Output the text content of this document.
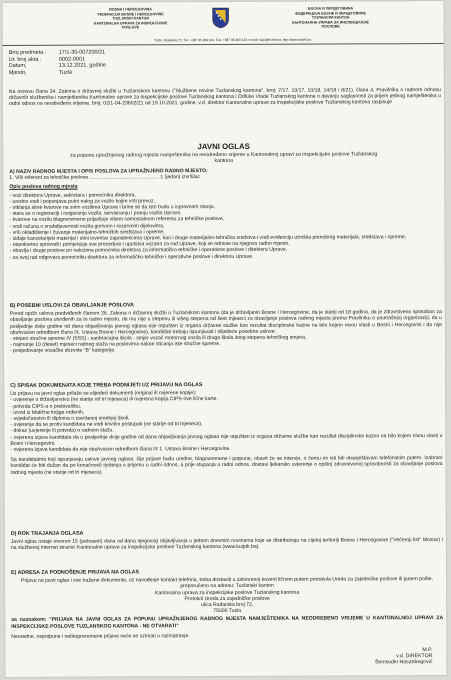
BOSNA I HERCEGOVINA
FEDERACIJA BOSNE I HERCEGOVINE
TUZLANSKI KANTON
KANTONALNA UPRAVA ZA INSPEKCIJSKE
POSLOVE
БОСНА И ХЕРЦЕГОВИНА
ФЕДЕРАЦИЈА БОСНЕ И ХЕРЦЕГОВИНЕ
ТУЗЛАНСКИ КАНТОН
КАНТОНАЛНА УПРАВА ЗА ИНСПЕКЦИЈСКЕ
ПОСЛОВЕ
Tuzla, Rudarska 72, Tel.: +387 35 369 611, Fax: +387 35 369 613, e-mail: kuip@tk.kim.ba, http://www.kuiptk.ba
Broj predmeta :	17/1-30-007200/21
Ur. broj akta :	0002-0001
Datum,	13.12.2021. godine
Mjesto,	Tuzla
Na osnovu člana 24. Zakona o državnoj službi u Tuzlanskom kantonu ("Službene novine Tuzlanskog kantona", broj: 7/17, 10/17, 10/18, 14/18 i 8/21), člana 4. Pravilnika o radnom odnosu državnih službenika i namještenika Kantonalne uprave za inspekcijske poslove Tuzlanskog kantona i Odluke Vlade Tuzlanskog kantona o davanju saglasnosti za prijem jednog namještenika u radni odnos na neodređeno vrijeme, broj: 02/1-04-23602/21 od 19.10.2021. godine, v.d. direktor Kantonalne uprave za inspekcijske poslove Tuzlanskog kantona raspisuje
JAVNI OGLAS
za popunu upražnjenog radnog mjesta namještenika na neodređeno vrijeme u Kantonalnoj upravi za inspekcijske poslove Tuzlanskog kantona
A) NAZIV RADNOG MJESTA I OPIS POSLOVA ZA UPRAŽNJENO RADNO MJESTO:
1. Viši referent za tehničke poslove ................................................. 1 (jedan) izvršilac
Opis poslova radnog mjesta
- vozi direktora Uprave, sekretara i pomoćnika direktora,
- uredno vodi i popunjava putni nalog za vozilo kojim vrši prevoz,
- otklanja sitne kvarove na svim vozilima Uprave i brine se da isto budu u ispravnom stanju,
- stara se o registraciji i osiguranju vozila, servisiranju i pranju vozila Uprave,
- kvarove na vozilu blagovremeno prijavljuje višem samostalnom referentu za tehničke poslove,
- vodi računa o snabdjevenosti vozila gorivom i rezervnim dijelovima,
- vrši okladištenje i čuvanje materijalno-tehničkih sredstava i opreme,
- izdaje kancelarijski materijal i sitni inventar zaposlenicima Uprave, kao i druge materijalno-tehnička sredstva i vodi evidenciju utroška potrošnog materijala, sredstava i opreme,
- nepokretno sprovodi i primjenjuje sve procedure i uputstva vezana za rad Uprave, koji se odnose na njegovo radno mjesto,
- obavlja i druge poslove po nalozima pomoćnika direktora za informatičko-tehničke i operativne poslove i direktora Uprave,
- za svoj rad odgovara pomoćniku direktora za informatičko-tehničke i operativne poslove i direktoru Uprave.
B) POSEBNI USLOVI ZA OBAVLJANJE POSLOVA
Pored općih uslova predviđenih članom 26. Zakona o državnoj službi u Tuzlanskom kantonu (da je državljanin Bosne i Hercegovine, da je stariji od 18 godina, da je zdravstveno sposoban za obavljanje poslova utvrđenih za to radno mjesto, da mu nije u stepenu ili višeg stepena od šest mjeseci za obavljanje poslova radnog mjesta prema Pravilniku o unutrašnjoj organizaciji, da u posljednje dvije godine od dana objavljivanja javnog oglasa nije otpušten iz organa državne službe kao rezultat disciplinske kazne na bilo kojem nivou vlasti u Bosni i Hercegovini i da nije obuhvaćen odredbom člana IX. Ustava Bosne i Hercegovine), kandidati trebaju ispunjavati i slijedeće posebne uslove:
- stepen stručne spreme IV (SSS) - saobraćajna škola - smjer vozač motornog vozila ili druga škola istog stepena tehničkog smjera,
- najmanje 10 (deset) mjeseci radnog staža na poslovima nakon sticanja iste stručne spreme,
- posjedovanje vozačke dozvole "B" kategorije.
C) SPISAK DOKUMENATA KOJE TREBA PODNIJETI UZ PRIJAVU NA OGLAS
Uz prijavu na javni oglas prilaže se slijedeći dokumenti (original ili ovjerene kopije):
- uvjerenje o državljanstvu (ne starije od tri mjeseca) ili ovjerena kopija CIPS-ove lične karte,
- potvrda CIPS-a o prebivalištu,
- izvod iz Matične knjige rođenih,
- svjedočanstvo ili diploma o završenoj srednjoj školi,
- uvjerenje da se protiv kandidata ne vodi krivični postupak (ne starije od tri mjeseca),
- dokaz (uvjerenje ili potvrda) o radnom stažu,
- ovjerena izjava kandidata da u posljednje dvije godine od dana objavljivanja javnog oglasa nije otpušten iz organa državne službe kao rezultat disciplinske kazne na bilo kojem nivou vlasti u Bosni i Hercegovini,
- ovjerena izjava kandidata da nije obuhvaćen odredbom člana IX 1. Ustava Bosne i Hercegovine.
Sa kandidatima koji ispunjavaju uslove javnog oglasa, čije prijave budu uredne, blagovremene i potpune, obavit će se intervju, o čemu će isti biti obavještavani telefonskim putem. Izabrani kandidat će biti dužan da po konačnosti rješenja o prijemu u radni odnos, a prije stupanja u radni odnos, dostavi ljekarsko uvjerenje o opštoj zdravstvenoj sposobnosti za obavljanje poslova radnog mjesta (ne starije od tri mjeseca).
D) ROK TRAJANJA OGLASA
Javni oglas ostaje otvoren 15 (petnaest) dana od dana njegovog objavljivanja u jednim dnevnim novinama koje se distribuiraju na cijeloj teritoriji Bosne i Hercegovine ("Večernji list" Mostar) i na službenoj internet stranici Kantonalne uprave za inspekcijske poslove Tuzlanskog kantona (www.kuiptk.ba).
E) ADRESA ZA PODNOŠENJE PRIJAVA NA OGLAS
Prijavu na javni oglas i sve tražene dokumente, uz navođenje kontakt telefona, treba dostaviti u zatvorenoj koverti ličnom putem protokola Ureda za zajedničke poslove ili putem pošte, preporučeno na adresu: Tuzlanski kanton
Kantonalna uprava za inspekcijske poslove Tuzlanskog kantona
Protokol Ureda za zajedničke poslove
ulica Rudarska broj 72,
75000 Tuzla
sa naznakom: "PRIJAVA NA JAVNI OGLAS ZA POPUNU UPRAŽNJENOG RADNOG MJESTA NAMJEŠTENIKA NA NEODREĐENO VRIJEME U KANTONALNOJ UPRAVI ZA INSPEKCIJSKE POSLOVE TUZLANSKOG KANTONA - NE OTVARATI"
Neuredne, nepotpune i neblagovremene prijave neće se uzimati u razmatranje.
M.P.
v.d. DIREKTOR
Šemsudin Hasanbegović
